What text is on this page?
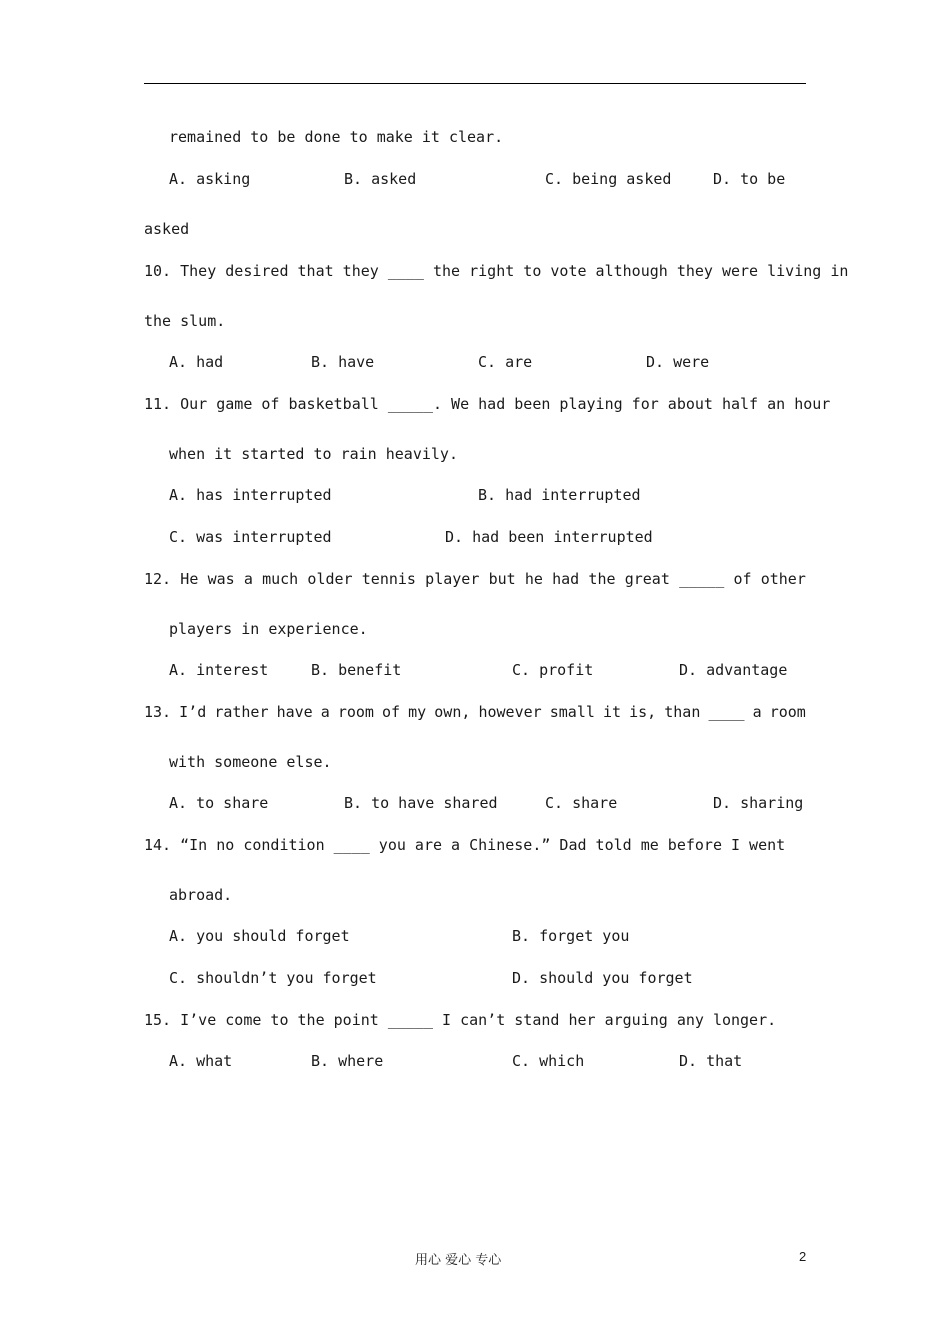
remained to be done to make it clear.
A. asking	B. asked	C. being asked	D. to be
asked
10. They desired that they ____ the right to vote although they were living in
the slum.
A. had	B. have	C. are	D. were
11. Our game of basketball _____. We had been playing for about half an hour
when it started to rain heavily.
A. has interrupted	B. had interrupted
C. was interrupted	D. had been interrupted
12. He was a much older tennis player but he had the great _____ of other
players in experience.
A. interest	B. benefit	C. profit	D. advantage
13. I’d rather have a room of my own, however small it is, than ____ a room
with someone else.
A. to share	B. to have shared	C. share	D. sharing
14. “In no condition ____ you are a Chinese.” Dad told me before I went
abroad.
A. you should forget	B. forget you
C. shouldn’t you forget	D. should you forget
15. I’ve come to the point _____ I can’t stand her arguing any longer.
A. what	B. where	C. which	D. that
用心 爱心 专心	2
